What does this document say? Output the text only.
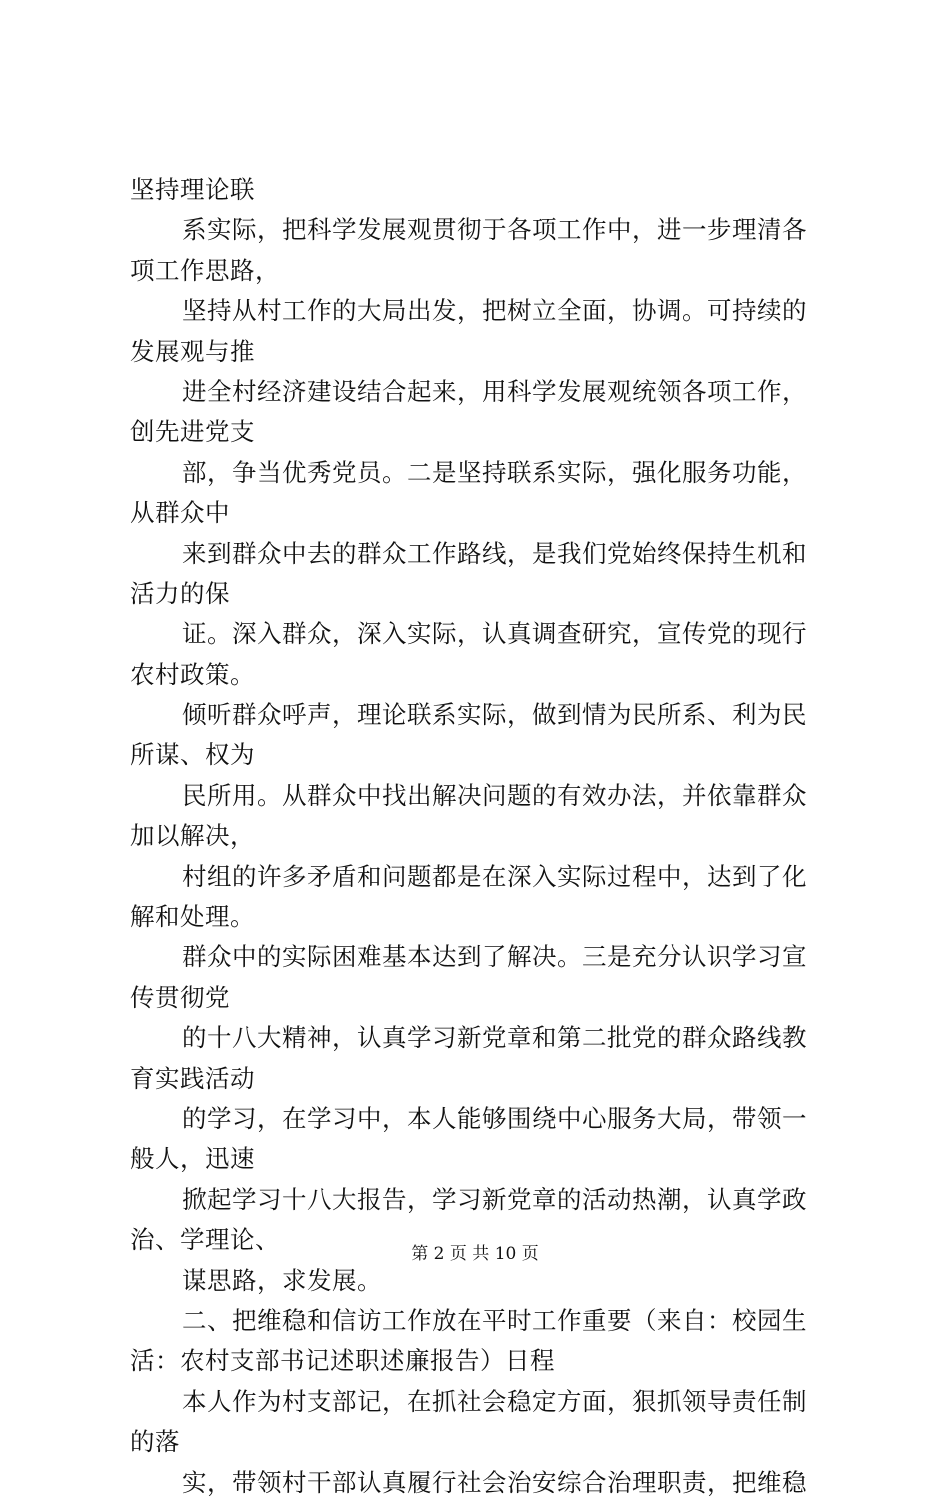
坚持理论联
系实际，把科学发展观贯彻于各项工作中，进一步理清各
项工作思路，
坚持从村工作的大局出发，把树立全面，协调。可持续的
发展观与推
进全村经济建设结合起来，用科学发展观统领各项工作，
创先进党支
部，争当优秀党员。二是坚持联系实际，强化服务功能，
从群众中
来到群众中去的群众工作路线，是我们党始终保持生机和
活力的保
证。深入群众，深入实际，认真调查研究，宣传党的现行
农村政策。
倾听群众呼声，理论联系实际，做到情为民所系、利为民
所谋、权为
民所用。从群众中找出解决问题的有效办法，并依靠群众
加以解决，
村组的许多矛盾和问题都是在深入实际过程中，达到了化
解和处理。
群众中的实际困难基本达到了解决。三是充分认识学习宣
传贯彻党
的十八大精神，认真学习新党章和第二批党的群众路线教
育实践活动
的学习，在学习中，本人能够围绕中心服务大局，带领一
般人，迅速
掀起学习十八大报告，学习新党章的活动热潮，认真学政
治、学理论、
谋思路，求发展。
二、把维稳和信访工作放在平时工作重要（来自：校园生
活：农村支部书记述职述廉报告）日程
本人作为村支部记，在抓社会稳定方面，狠抓领导责任制
的落
实，带领村干部认真履行社会治安综合治理职责，把维稳
第 2 页 共 10 页
